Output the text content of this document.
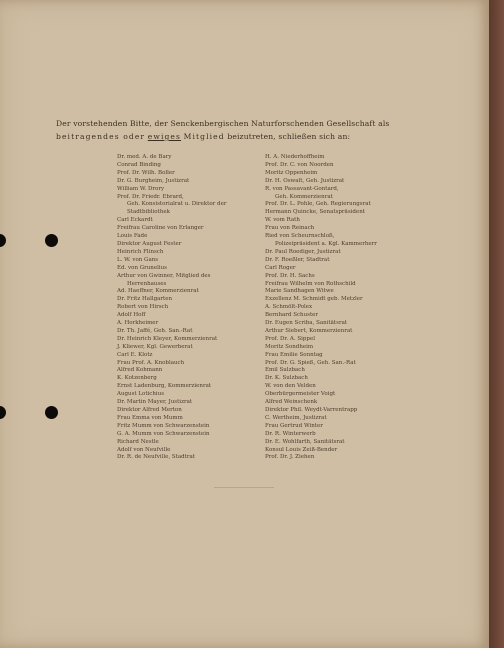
Der vorstehenden Bitte, der Senckenbergischen Naturforschenden Gesellschaft als
beitragendes oder ewiges Mitglied beizutreten, schließen sich an:
Dr. med. A. de Bary
Conrad Binding
Prof. Dr. Wilh. Boller
Dr. G. Burgheim, Justizrat
William W. Drory
Prof. Dr. Friedr. Ebrard,
Geh. Konsistorialrat u. Direktor der
Stadtbibliothek
Carl Eckardt
Freifrau Caroline von Erlanger
Louis Fade
Direktor August Fester
Heinrich Flinsch
L. W. von Gans
Ed. von Grunelius
Arthur von Gwinner, Mitglied des
Herrenhauses
Ad. Haeffner, Kommerzienrat
Dr. Fritz Hallgarten
Robert von Hirsch
Adolf Hoff
A. Horkheimer
Dr. Th. Jaffé, Geh. San.-Rat
Dr. Heinrich Kleyer, Kommerzienrat
J. Kliewer, Kgl. Gewerberat
Carl E. Klotz
Frau Prof. A. Knoblauch
Alfred Kohmann
K. Kotzenberg
Ernst Ladenburg, Kommerzienrat
August Lotichius
Dr. Martin Mayer, Justizrat
Direktor Alfred Merton
Frau Emma von Mumm
Fritz Mumm von Schwarzenstein
G. A. Mumm von Schwarzenstein
Richard Nestle
Adolf von Neufville
Dr. R. de Neufville, Stadtrat
H. A. Niederhoffheim
Prof. Dr. C. von Noorden
Moritz Oppenheim
Dr. H. Oswalt, Geh. Justizrat
R. von Passavant-Gontard,
Geh. Kommerzienrat
Prof. Dr. L. Pohle, Geh. Regierungsrat
Hermann Quincke, Senatspräsident
W. vom Rath
Frau von Reinach
Ried von Scheurnschloß,
Polizeipräsident a. Kgl. Kammerherr
Dr. Paul Roediger, Justizrat
Dr. F. Roeßler, Stadtrat
Carl Roger
Prof. Dr. H. Sachs
Freifrau Wilhelm von Rothschild
Marie Sandhagen Witwe
Exzellenz M. Schmidt geb. Metzler
A. Schmölt-Polex
Bernhard Schuster
Dr. Eugen Scriba, Sanitätsrat
Arthur Siebert, Kommerzienrat
Prof. Dr. A. Sippel
Moritz Sondheim
Frau Emilie Sonntag
Prof. Dr. G. Spieß, Geh. San.-Rat
Emil Sulzbach
Dr. K. Sulzbach
W. von den Velden
Oberbürgermeister Voigt
Alfred Weinschenk
Direktor Phil. Weydt-Varrentrapp
C. Wertheim, Justizrat
Frau Gertrud Winter
Dr. R. Winterwerb
Dr. E. Wohlfarth, Sanitätsrat
Konsul Louis Zeiß-Bender
Prof. Dr. J. Ziehen
